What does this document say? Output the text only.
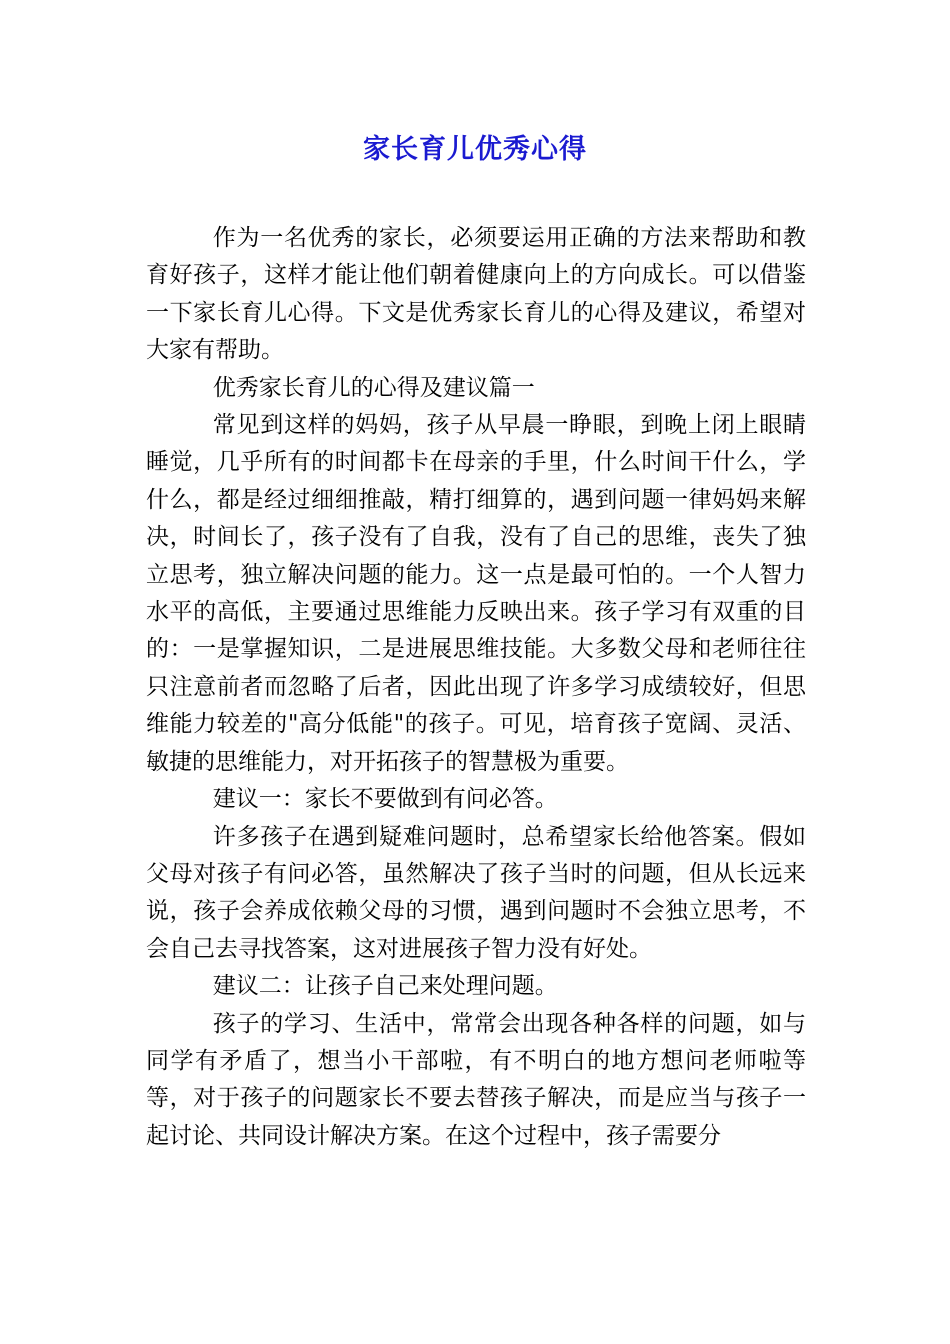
家长育儿优秀心得

作为一名优秀的家长，必须要运用正确的方法来帮助和教育好孩子，这样才能让他们朝着健康向上的方向成长。可以借鉴一下家长育儿心得。下文是优秀家长育儿的心得及建议，希望对大家有帮助。

优秀家长育儿的心得及建议篇一

常见到这样的妈妈，孩子从早晨一睁眼，到晚上闭上眼睛睡觉，几乎所有的时间都卡在母亲的手里，什么时间干什么，学什么，都是经过细细推敲，精打细算的，遇到问题一律妈妈来解决，时间长了，孩子没有了自我，没有了自己的思维，丧失了独立思考，独立解决问题的能力。这一点是最可怕的。一个人智力水平的高低，主要通过思维能力反映出来。孩子学习有双重的目的：一是掌握知识，二是进展思维技能。大多数父母和老师往往只注意前者而忽略了后者，因此出现了许多学习成绩较好，但思维能力较差的"高分低能"的孩子。可见，培育孩子宽阔、灵活、敏捷的思维能力，对开拓孩子的智慧极为重要。

建议一：家长不要做到有问必答。

许多孩子在遇到疑难问题时，总希望家长给他答案。假如父母对孩子有问必答，虽然解决了孩子当时的问题，但从长远来说，孩子会养成依赖父母的习惯，遇到问题时不会独立思考，不会自己去寻找答案，这对进展孩子智力没有好处。

建议二：让孩子自己来处理问题。

孩子的学习、生活中，常常会出现各种各样的问题，如与同学有矛盾了，想当小干部啦，有不明白的地方想问老师啦等等，对于孩子的问题家长不要去替孩子解决，而是应当与孩子一起讨论、共同设计解决方案。在这个过程中，孩子需要分
